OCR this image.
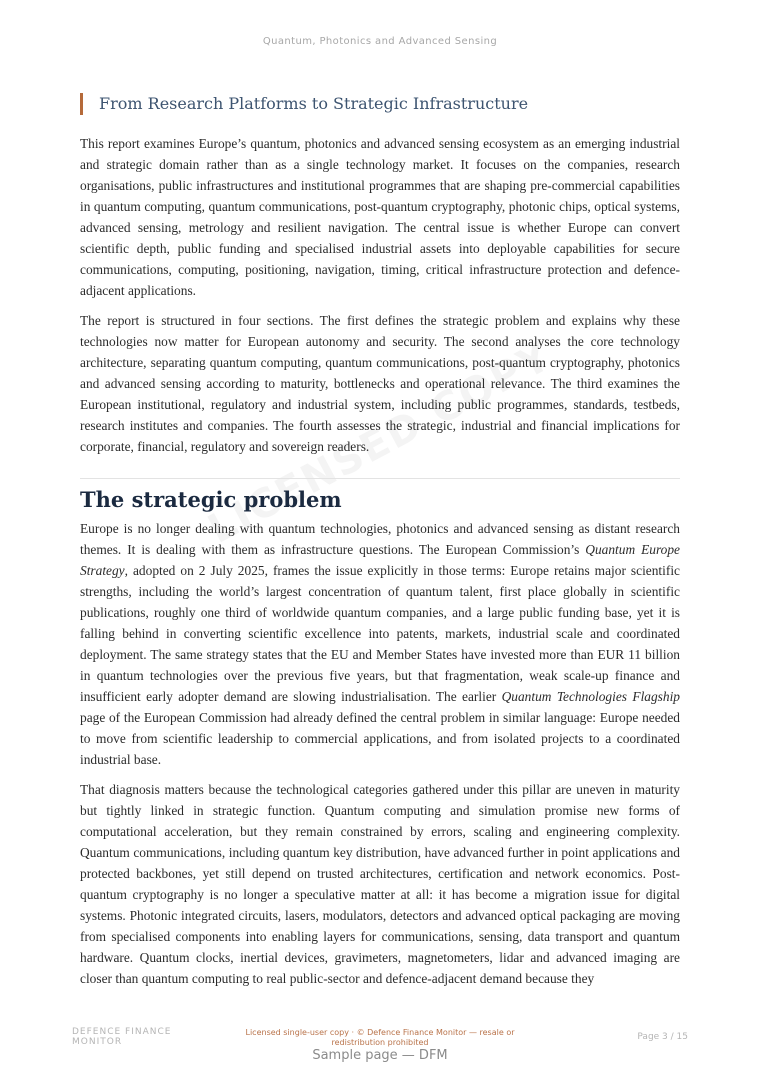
Quantum, Photonics and Advanced Sensing
From Research Platforms to Strategic Infrastructure

This report examines Europe’s quantum, photonics and advanced sensing ecosystem as an emerging industrial and strategic domain rather than as a single technology market. It focuses on the companies, research organisations, public infrastructures and institutional programmes that are shaping pre-commercial capabilities in quantum computing, quantum communications, post-quantum cryptography, photonic chips, optical systems, advanced sensing, metrology and resilient navigation. The central issue is whether Europe can convert scientific depth, public funding and specialised industrial assets into deployable capabilities for secure communications, computing, positioning, navigation, timing, critical infrastructure protection and defence-adjacent applications.

The report is structured in four sections. The first defines the strategic problem and explains why these technologies now matter for European autonomy and security. The second analyses the core technology architecture, separating quantum computing, quantum communications, post-quantum cryptography, photonics and advanced sensing according to maturity, bottlenecks and operational relevance. The third examines the European institutional, regulatory and industrial system, including public programmes, standards, testbeds, research institutes and companies. The fourth assesses the strategic, industrial and financial implications for corporate, financial, regulatory and sovereign readers.

The strategic problem

Europe is no longer dealing with quantum technologies, photonics and advanced sensing as distant research themes. It is dealing with them as infrastructure questions. The European Commission’s Quantum Europe Strategy, adopted on 2 July 2025, frames the issue explicitly in those terms: Europe retains major scientific strengths, including the world’s largest concentration of quantum talent, first place globally in scientific publications, roughly one third of worldwide quantum companies, and a large public funding base, yet it is falling behind in converting scientific excellence into patents, markets, industrial scale and coordinated deployment. The same strategy states that the EU and Member States have invested more than EUR 11 billion in quantum technologies over the previous five years, but that fragmentation, weak scale-up finance and insufficient early adopter demand are slowing industrialisation. The earlier Quantum Technologies Flagship page of the European Commission had already defined the central problem in similar language: Europe needed to move from scientific leadership to commercial applications, and from isolated projects to a coordinated industrial base.

That diagnosis matters because the technological categories gathered under this pillar are uneven in maturity but tightly linked in strategic function. Quantum computing and simulation promise new forms of computational acceleration, but they remain constrained by errors, scaling and engineering complexity. Quantum communications, including quantum key distribution, have advanced further in point applications and protected backbones, yet still depend on trusted architectures, certification and network economics. Post-quantum cryptography is no longer a speculative matter at all: it has become a migration issue for digital systems. Photonic integrated circuits, lasers, modulators, detectors and advanced optical packaging are moving from specialised components into enabling layers for communications, sensing, data transport and quantum hardware. Quantum clocks, inertial devices, gravimeters, magnetometers, lidar and advanced imaging are closer than quantum computing to real public-sector and defence-adjacent demand because they

DEFENCE FINANCE MONITOR
Licensed single-user copy · © Defence Finance Monitor — resale or redistribution prohibited
Page 3 / 15
Sample page — DFM
